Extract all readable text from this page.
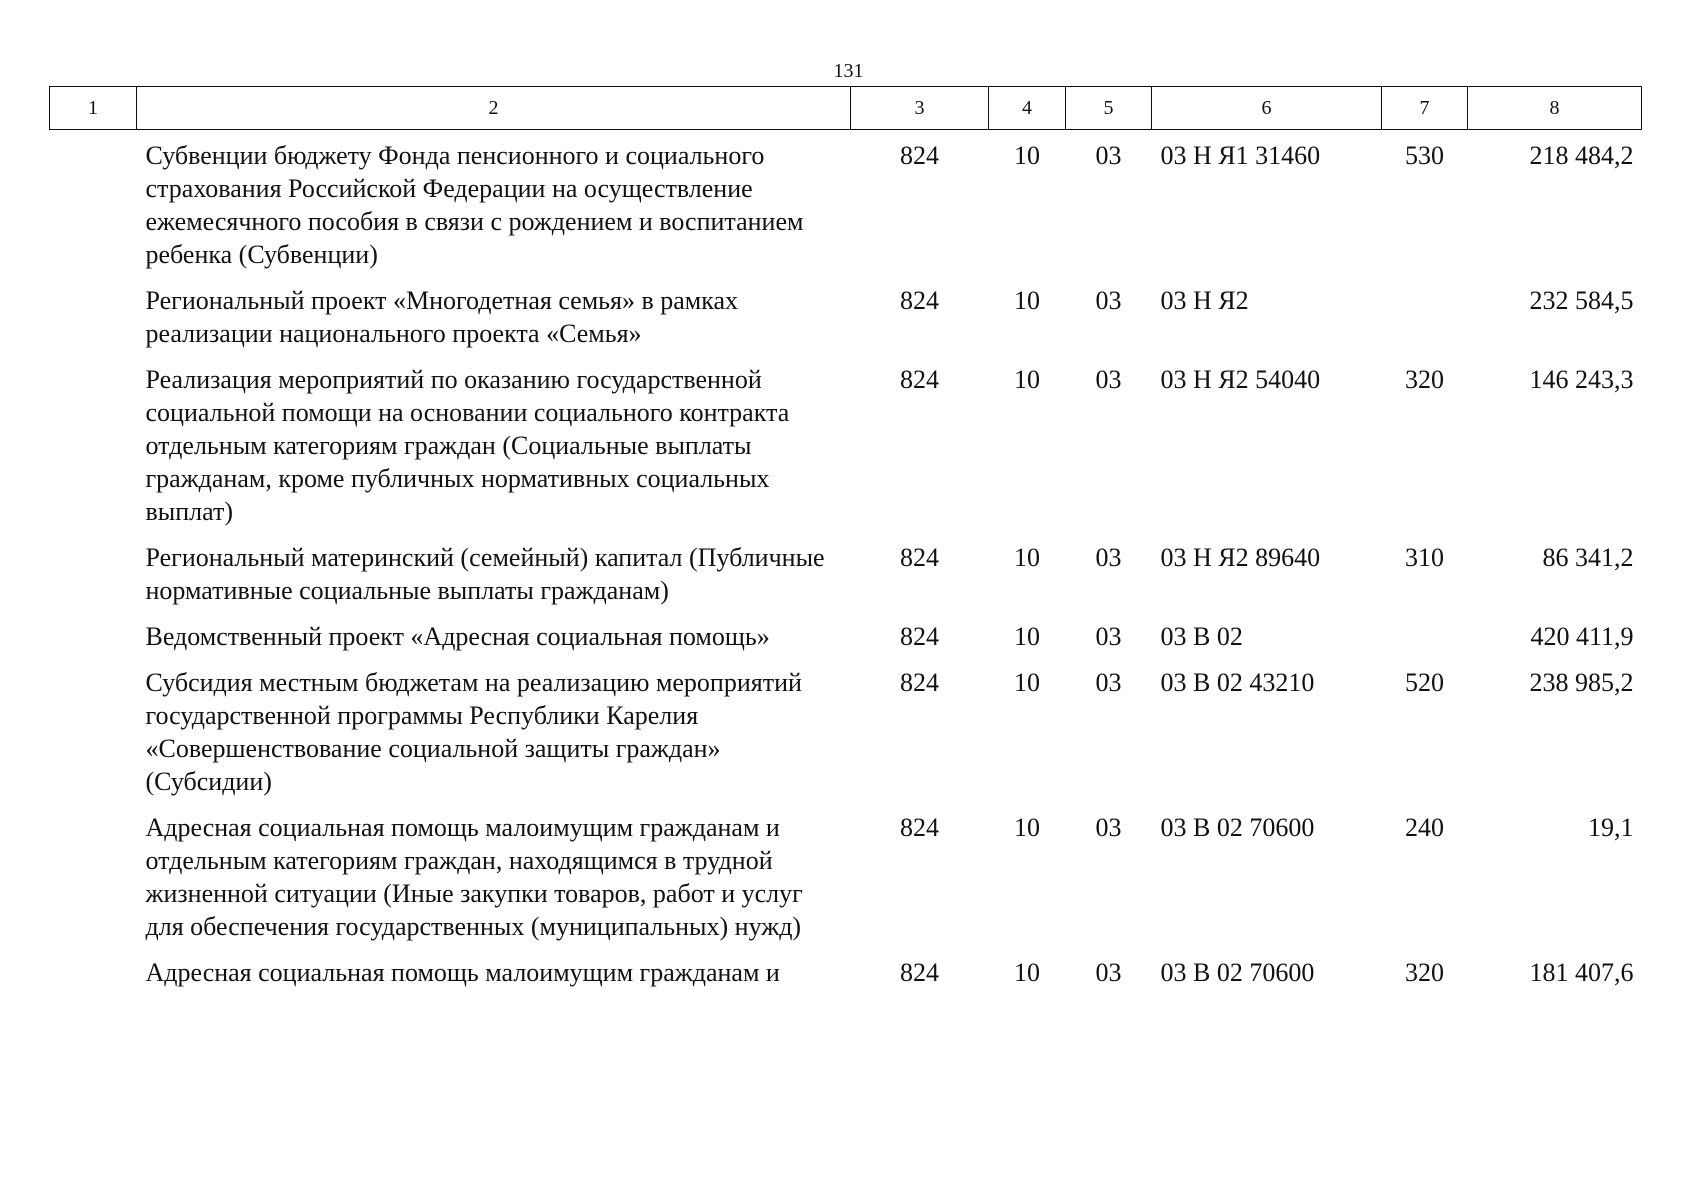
131
1	2	3	4	5	6	7	8
	Субвенции бюджету Фонда пенсионного и социального страхования Российской Федерации на осуществление ежемесячного пособия в связи с рождением и воспитанием ребенка (Субвенции)	824	10	03	03 Н Я1 31460	530	218 484,2
	Региональный проект «Многодетная семья» в рамках реализации национального проекта «Семья»	824	10	03	03 Н Я2		232 584,5
	Реализация мероприятий по оказанию государственной социальной помощи на основании социального контракта отдельным категориям граждан (Социальные выплаты гражданам, кроме публичных нормативных социальных выплат)	824	10	03	03 Н Я2 54040	320	146 243,3
	Региональный материнский (семейный) капитал (Публичные нормативные социальные выплаты гражданам)	824	10	03	03 Н Я2 89640	310	86 341,2
	Ведомственный проект «Адресная социальная помощь»	824	10	03	03 В 02		420 411,9
	Субсидия местным бюджетам на реализацию мероприятий государственной программы Республики Карелия «Совершенствование социальной защиты граждан» (Субсидии)	824	10	03	03 В 02 43210	520	238 985,2
	Адресная социальная помощь малоимущим гражданам и отдельным категориям граждан, находящимся в трудной жизненной ситуации (Иные закупки товаров, работ и услуг для обеспечения государственных (муниципальных) нужд)	824	10	03	03 В 02 70600	240	19,1
	Адресная социальная помощь малоимущим гражданам и	824	10	03	03 В 02 70600	320	181 407,6
